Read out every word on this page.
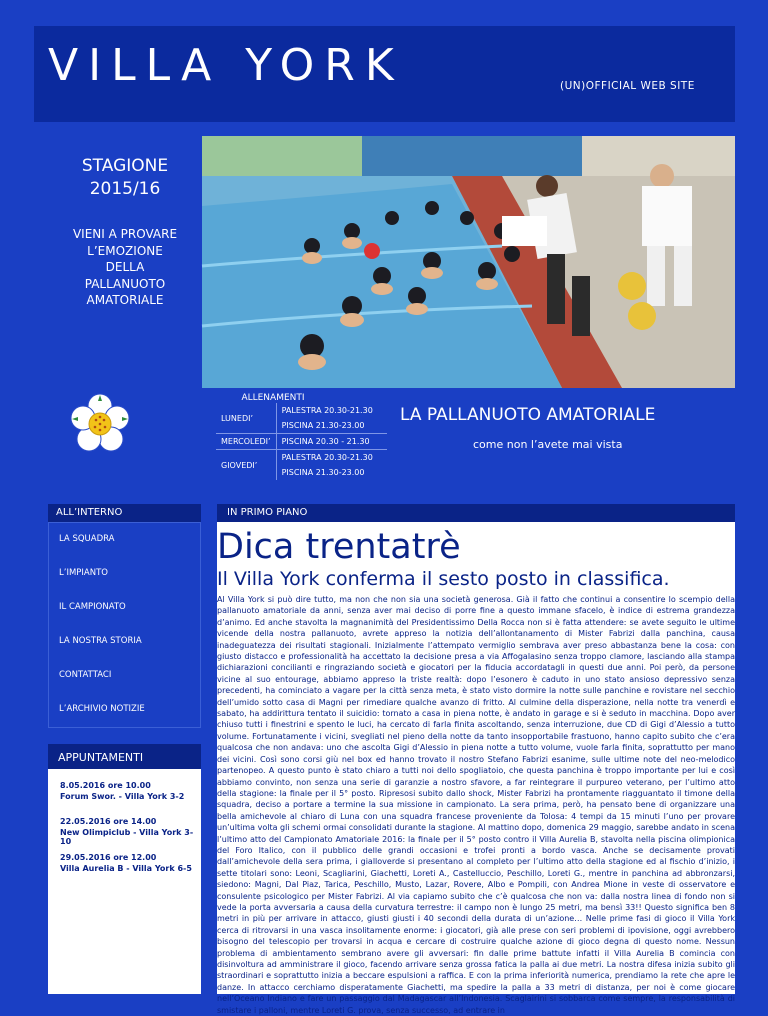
VILLA YORK	(UN)OFFICIAL WEB SITE
STAGIONE
2015/16
VIENI A PROVARE
L’EMOZIONE
DELLA
PALLANUOTO
AMATORIALE
ALLENAMENTI
LUNEDI’	PALESTRA 20.30-21.30
	PISCINA 21.30-23.00
MERCOLEDI’	PISCINA 20.30 - 21.30
GIOVEDI’	PALESTRA 20.30-21.30
	PISCINA 21.30-23.00
LA PALLANUOTO AMATORIALE
come non l’avete mai vista
ALL’INTERNO
LA SQUADRA
L’IMPIANTO
IL CAMPIONATO
LA NOSTRA STORIA
CONTATTACI
L’ARCHIVIO NOTIZIE
APPUNTAMENTI
8.05.2016 ore 10.00
Forum Swor. - Villa York 3-2
22.05.2016 ore 14.00
New Olimpiclub - Villa York 3-10
29.05.2016 ore 12.00
Villa Aurelia B - Villa York 6-5
IN PRIMO PIANO
Dica trentatrè
Il Villa York conferma il sesto posto in classifica.
Al Villa York si può dire tutto, ma non che non sia una società generosa. Già il fatto che continui a consentire lo scempio della pallanuoto amatoriale da anni, senza aver mai deciso di porre fine a questo immane sfacelo, è indice di estrema grandezza d’animo. Ed anche stavolta la magnanimità del Presidentissimo Della Rocca non si è fatta attendere: se avete seguito le ultime vicende della nostra pallanuoto, avrete appreso la notizia dell’allontanamento di Mister Fabrizi dalla panchina, causa inadeguatezza dei risultati stagionali. Inizialmente l’attempato vermiglio sembrava aver preso abbastanza bene la cosa: con giusto distacco e professionalità ha accettato la decisione presa a via Affogalasino senza troppo clamore, lasciando alla stampa dichiarazioni concilianti e ringraziando società e giocatori per la fiducia accordatagli in questi due anni. Poi però, da persone vicine al suo entourage, abbiamo appreso la triste realtà: dopo l’esonero è caduto in uno stato ansioso depressivo senza precedenti, ha cominciato a vagare per la città senza meta, è stato visto dormire la notte sulle panchine e rovistare nel secchio dell’umido sotto casa di Magni per rimediare qualche avanzo di fritto. Al culmine della disperazione, nella notte tra venerdì e sabato, ha addirittura tentato il suicidio: tornato a casa in piena notte, è andato in garage e si è seduto in macchina. Dopo aver chiuso tutti i finestrini e spento le luci, ha cercato di farla finita ascoltando, senza interruzione, due CD di Gigi d’Alessio a tutto volume. Fortunatamente i vicini, svegliati nel pieno della notte da tanto insopportabile frastuono, hanno capito subito che c’era qualcosa che non andava: uno che ascolta Gigi d’Alessio in piena notte a tutto volume, vuole farla finita, soprattutto per mano dei vicini. Così sono corsi giù nel box ed hanno trovato il nostro Stefano Fabrizi esanime, sulle ultime note del neo-melodico partenopeo. A questo punto è stato chiaro a tutti noi dello spogliatoio, che questa panchina è troppo importante per lui e così abbiamo convinto, non senza una serie di garanzie a nostro sfavore, a far reintegrare il purpureo veterano, per l’ultimo atto della stagione: la finale per il 5° posto. Ripresosi subito dallo shock, Mister Fabrizi ha prontamente riagguantato il timone della squadra, deciso a portare a termine la sua missione in campionato. La sera prima, però, ha pensato bene di organizzare una bella amichevole al chiaro di Luna con una squadra francese proveniente da Tolosa: 4 tempi da 15 minuti l’uno per provare un’ultima volta gli schemi ormai consolidati durante la stagione. Al mattino dopo, domenica 29 maggio, sarebbe andato in scena l’ultimo atto del Campionato Amatoriale 2016: la finale per il 5° posto contro il Villa Aurelia B, stavolta nella piscina olimpionica del Foro Italico, con il pubblico delle grandi occasioni e trofei pronti a bordo vasca. Anche se decisamente provati dall’amichevole della sera prima, i gialloverde si presentano al completo per l’ultimo atto della stagione ed al fischio d’inizio, i sette titolari sono: Leoni, Scagliarini, Giachetti, Loreti A., Castelluccio, Peschillo, Loreti G., mentre in panchina ad abbronzarsi, siedono: Magni, Dal Piaz, Tarica, Peschillo, Musto, Lazar, Rovere, Albo e Pompili, con Andrea Mione in veste di osservatore e consulente psicologico per Mister Fabrizi. Al via capiamo subito che c’è qualcosa che non va: dalla nostra linea di fondo non si vede la porta avversaria a causa della curvatura terrestre: il campo non è lungo 25 metri, ma bensì 33!! Questo significa ben 8 metri in più per arrivare in attacco, giusti giusti i 40 secondi della durata di un’azione… Nelle prime fasi di gioco il Villa York cerca di ritrovarsi in una vasca insolitamente enorme: i giocatori, già alle prese con seri problemi di ipovisione, oggi avrebbero bisogno del telescopio per trovarsi in acqua e cercare di costruire qualche azione di gioco degna di questo nome. Nessun problema di ambientamento sembrano avere gli avversari: fin dalle prime battute infatti il Villa Aurelia B comincia con disinvoltura ad amministrare il gioco, facendo arrivare senza grossa fatica la palla ai due metri. La nostra difesa inizia subito gli straordinari e soprattutto inizia a beccare espulsioni a raffica. E con la prima inferiorità numerica, prendiamo la rete che apre le danze. In attacco cerchiamo disperatamente Giachetti, ma spedire la palla a 33 metri di distanza, per noi è come giocare nell’Oceano Indiano e fare un passaggio dal Madagascar all’Indonesia. Scaglairini si sobbarca come sempre, la responsabilità di smistare i palloni, mentre Loreti G. prova, senza successo, ad entrare in
